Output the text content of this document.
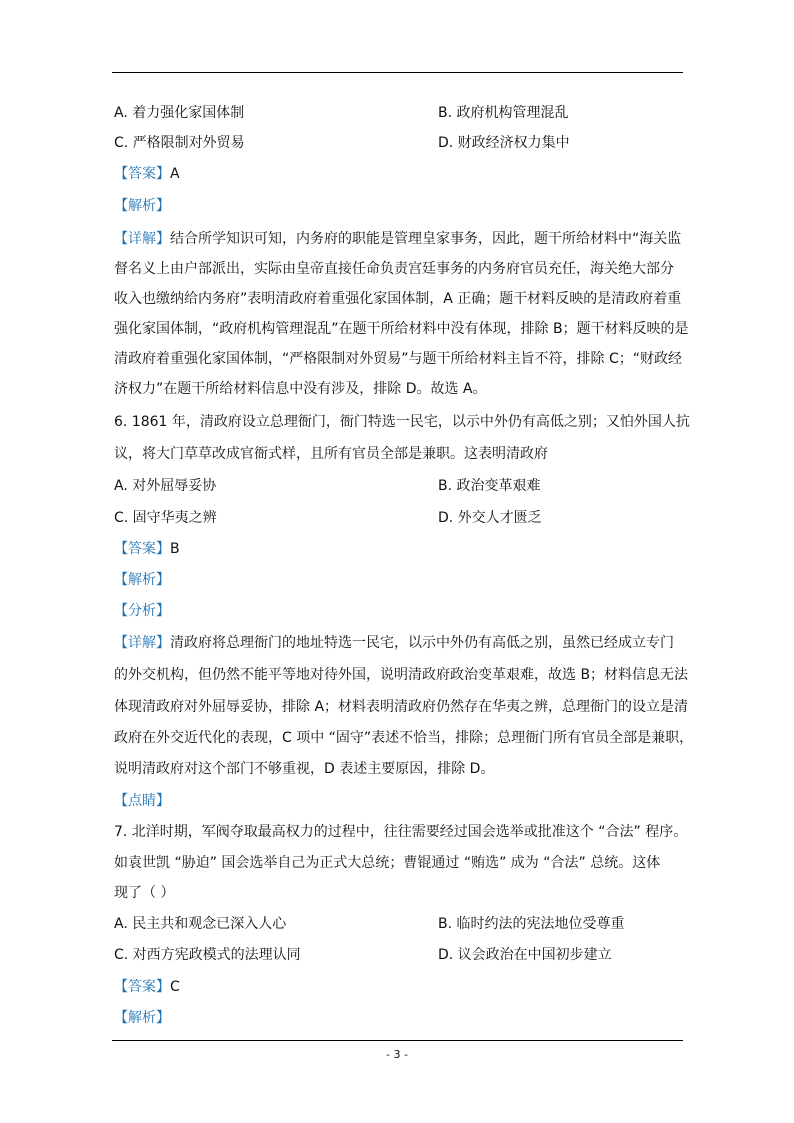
A. 着力强化家国体制	B. 政府机构管理混乱
C. 严格限制对外贸易	D. 财政经济权力集中
【答案】A
【解析】
【详解】结合所学知识可知，内务府的职能是管理皇家事务，因此，题干所给材料中“海关监
督名义上由户部派出，实际由皇帝直接任命负责宫廷事务的内务府官员充任，海关绝大部分
收入也缴纳给内务府”表明清政府着重强化家国体制，A 正确；题干材料反映的是清政府着重
强化家国体制，“政府机构管理混乱”在题干所给材料中没有体现，排除 B；题干材料反映的是
清政府着重强化家国体制，“严格限制对外贸易”与题干所给材料主旨不符，排除 C；“财政经
济权力”在题干所给材料信息中没有涉及，排除 D。故选 A。
6. 1861 年，清政府设立总理衙门，衙门特选一民宅，以示中外仍有高低之别；又怕外国人抗
议，将大门草草改成官衙式样，且所有官员全部是兼职。这表明清政府
A. 对外屈辱妥协	B. 政治变革艰难
C. 固守华夷之辨	D. 外交人才匮乏
【答案】B
【解析】
【分析】
【详解】清政府将总理衙门的地址特选一民宅，以示中外仍有高低之别，虽然已经成立专门
的外交机构，但仍然不能平等地对待外国，说明清政府政治变革艰难，故选 B；材料信息无法
体现清政府对外屈辱妥协，排除 A；材料表明清政府仍然存在华夷之辨，总理衙门的设立是清
政府在外交近代化的表现，C 项中 “固守”表述不恰当，排除；总理衙门所有官员全部是兼职，
说明清政府对这个部门不够重视，D 表述主要原因，排除 D。
【点睛】
7. 北洋时期，军阀夺取最高权力的过程中，往往需要经过国会选举或批准这个 “合法” 程序。
如袁世凯 “胁迫” 国会选举自己为正式大总统；曹锟通过 “贿选” 成为 “合法” 总统。这体
现了（ ）
A. 民主共和观念已深入人心	B. 临时约法的宪法地位受尊重
C. 对西方宪政模式的法理认同	D. 议会政治在中国初步建立
【答案】C
【解析】
- 3 -
